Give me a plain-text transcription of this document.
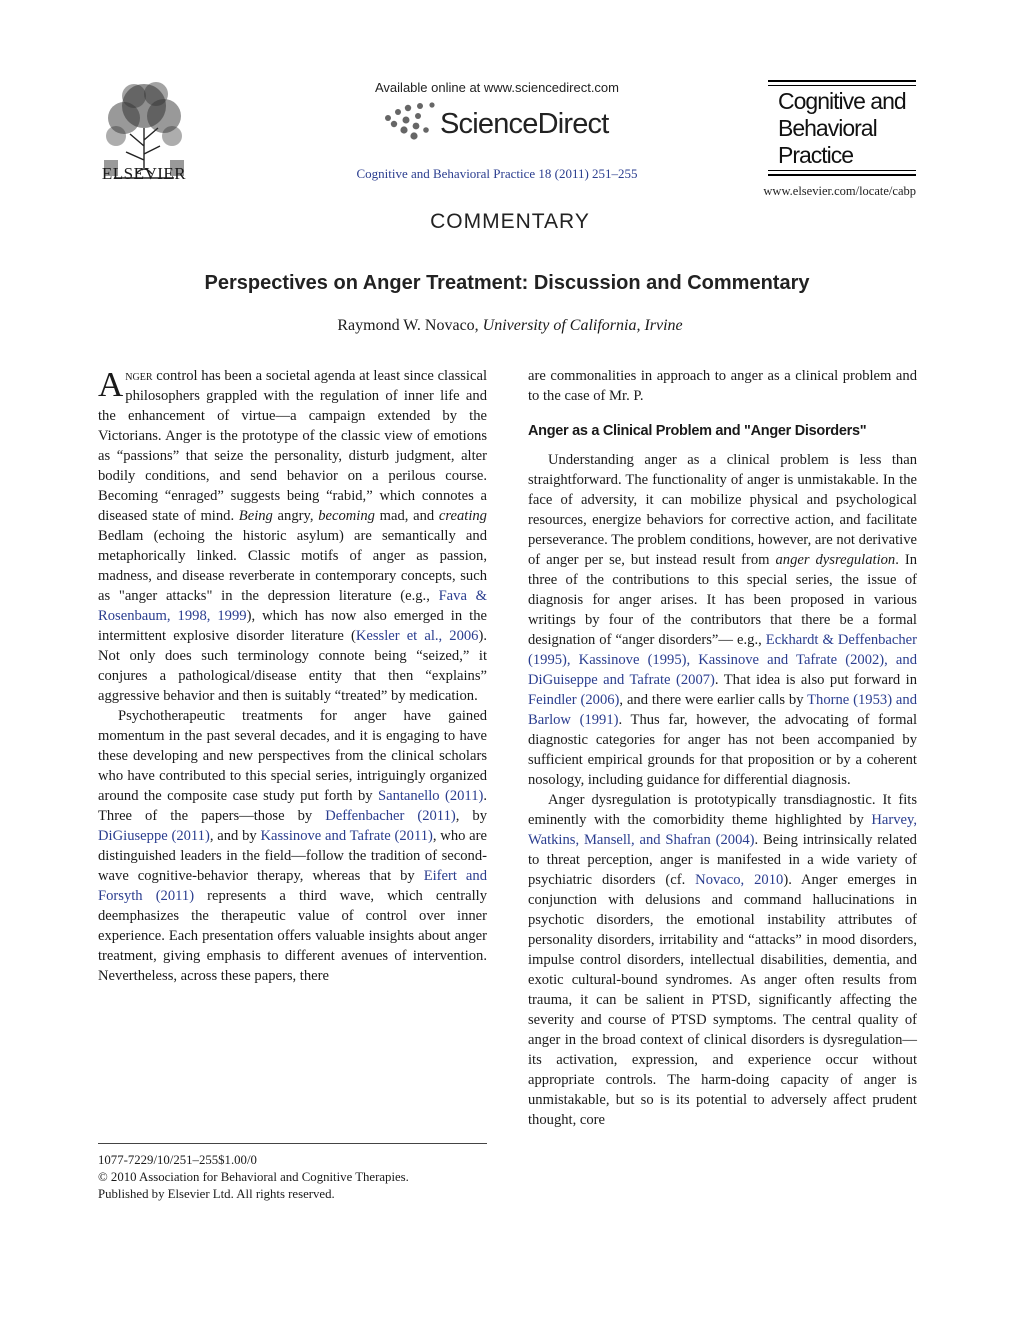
ELSEVIER
Available online at www.sciencedirect.com
ScienceDirect
Cognitive and Behavioral Practice 18 (2011) 251–255
Cognitive and
Behavioral
Practice
www.elsevier.com/locate/cabp
COMMENTARY
Perspectives on Anger Treatment: Discussion and Commentary
Raymond W. Novaco, University of California, Irvine

Anger control has been a societal agenda at least since classical philosophers grappled with the regulation of inner life and the enhancement of virtue—a campaign extended by the Victorians. Anger is the prototype of the classic view of emotions as “passions” that seize the personality, disturb judgment, alter bodily conditions, and send behavior on a perilous course. Becoming “enraged” suggests being “rabid,” which connotes a diseased state of mind. Being angry, becoming mad, and creating Bedlam (echoing the historic asylum) are semantically and metaphorically linked. Classic motifs of anger as passion, madness, and disease reverberate in contemporary concepts, such as "anger attacks" in the depression literature (e.g., Fava & Rosenbaum, 1998, 1999), which has now also emerged in the intermittent explosive disorder literature (Kessler et al., 2006). Not only does such terminology connote being “seized,” it conjures a pathological/disease entity that then “explains” aggressive behavior and then is suitably “treated” by medication.

Psychotherapeutic treatments for anger have gained momentum in the past several decades, and it is engaging to have these developing and new perspectives from the clinical scholars who have contributed to this special series, intriguingly organized around the composite case study put forth by Santanello (2011). Three of the papers—those by Deffenbacher (2011), by DiGiuseppe (2011), and by Kassinove and Tafrate (2011), who are distinguished leaders in the field—follow the tradition of second-wave cognitive-behavior therapy, whereas that by Eifert and Forsyth (2011) represents a third wave, which centrally deemphasizes the therapeutic value of control over inner experience. Each presentation offers valuable insights about anger treatment, giving emphasis to different avenues of intervention. Nevertheless, across these papers, there

1077-7229/10/251–255$1.00/0
© 2010 Association for Behavioral and Cognitive Therapies.
Published by Elsevier Ltd. All rights reserved.

are commonalities in approach to anger as a clinical problem and to the case of Mr. P.

Anger as a Clinical Problem and "Anger Disorders"

Understanding anger as a clinical problem is less than straightforward. The functionality of anger is unmistakable. In the face of adversity, it can mobilize physical and psychological resources, energize behaviors for corrective action, and facilitate perseverance. The problem conditions, however, are not derivative of anger per se, but instead result from anger dysregulation. In three of the contributions to this special series, the issue of diagnosis for anger arises. It has been proposed in various writings by four of the contributors that there be a formal designation of “anger disorders”— e.g., Eckhardt & Deffenbacher (1995), Kassinove (1995), Kassinove and Tafrate (2002), and DiGuiseppe and Tafrate (2007). That idea is also put forward in Feindler (2006), and there were earlier calls by Thorne (1953) and Barlow (1991). Thus far, however, the advocating of formal diagnostic categories for anger has not been accompanied by sufficient empirical grounds for that proposition or by a coherent nosology, including guidance for differential diagnosis.

Anger dysregulation is prototypically transdiagnostic. It fits eminently with the comorbidity theme highlighted by Harvey, Watkins, Mansell, and Shafran (2004). Being intrinsically related to threat perception, anger is manifested in a wide variety of psychiatric disorders (cf. Novaco, 2010). Anger emerges in conjunction with delusions and command hallucinations in psychotic disorders, the emotional instability attributes of personality disorders, irritability and “attacks” in mood disorders, impulse control disorders, intellectual disabilities, dementia, and exotic cultural-bound syndromes. As anger often results from trauma, it can be salient in PTSD, significantly affecting the severity and course of PTSD symptoms. The central quality of anger in the broad context of clinical disorders is dysregulation—its activation, expression, and experience occur without appropriate controls. The harm-doing capacity of anger is unmistakable, but so is its potential to adversely affect prudent thought, core
